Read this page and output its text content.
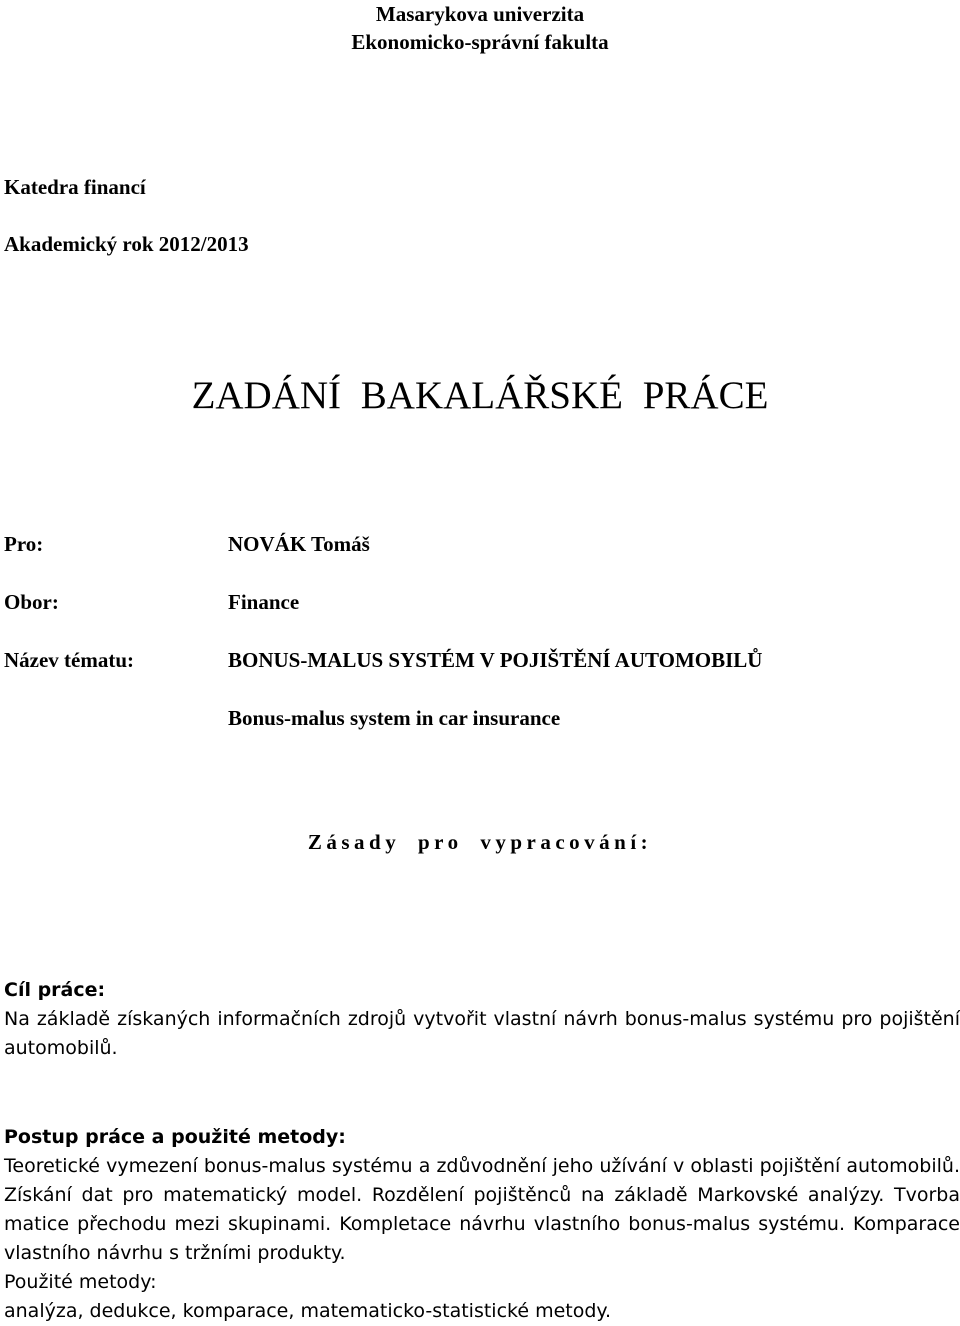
Masarykova univerzita
Ekonomicko-správní fakulta
Katedra financí
Akademický rok 2012/2013
ZADÁNÍ BAKALÁŘSKÉ PRÁCE
Pro:	NOVÁK Tomáš
Obor:	Finance
Název tématu:	BONUS-MALUS SYSTÉM V POJIŠTĚNÍ AUTOMOBILŮ
Bonus-malus system in car insurance
Zásady pro vypracování:
Cíl práce:
Na základě získaných informačních zdrojů vytvořit vlastní návrh bonus-malus systému pro pojištění automobilů.
Postup práce a použité metody:
Teoretické vymezení bonus-malus systému a zdůvodnění jeho užívání v oblasti pojištění automobilů. Získání dat pro matematický model. Rozdělení pojištěnců na základě Markovské analýzy. Tvorba matice přechodu mezi skupinami. Kompletace návrhu vlastního bonus-malus systému. Komparace vlastního návrhu s tržními produkty.
Použité metody:
analýza, dedukce, komparace, matematicko-statistické metody.
